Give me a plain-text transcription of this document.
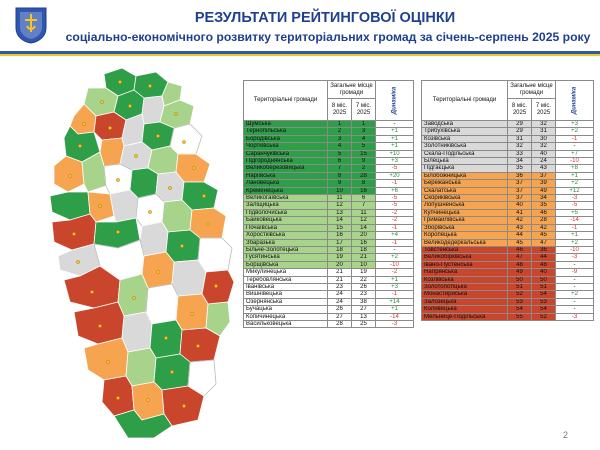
РЕЗУЛЬТАТИ РЕЙТИНГОВОЇ ОЦІНКИ
соціально-економічного розвитку територіальних громад за січень-серпень 2025 року
Територіальні громади	Загальне місце громади		Динаміка
	8 міс. 2025	7 міс. 2025	
Шумська	1	1	-
Тернопільська	2	3	+1
Бородівська	3	4	+1
Чортківська	4	5	+1
Саранчуківська	5	15	+10
Підгороднянська	6	9	+3
Великоберезовицька	7	2	-5
Наріївська	8	28	+20
Лановецька	9	8	-1
Кременецька	10	16	+6
Великогаївська	11	6	-5
Заліщицька	12	7	-5
Підволочиська	13	11	-2
Байковецька	14	12	-2
Почаївська	15	14	-1
Хоростківська	16	20	+4
Збаразька	17	16	-1
Більче-Золотецька	18	18	-
Гусятинська	19	21	+2
Борщівська	20	10	-10
Микулинецька	21	19	-2
Теребовлянська	21	22	+1
Іванівська	23	26	+3
Вишнівецька	24	23	-1
Озернянська	24	38	+14
Бучацька	26	27	+1
Копичинецька	27	13	-14
Васильковецька	28	25	-3
Територіальні громади	Загальне місце громади		Динаміка
	8 міс. 2025	7 міс. 2025	
Заводська	29	32	+3
Трибухівська	29	31	+2
Козівська	31	30	-1
Золотниківська	32	32	-
Скала-Подільська	33	40	+7
Білецька	34	24	-10
Підгаєцька	35	43	+8
Білобожницька	36	37	+1
Бережанська	37	39	+2
Скалатська	37	49	+12
Скориківська	37	34	-3
Лопушненська	40	35	-5
Купчинецька	41	46	+5
Гримайлівська	42	28	-14
Зборівська	43	42	-1
Коропецька	44	45	+1
Великодедеркальська	45	47	+2
Товстенська	46	36	-10
Великобірківська	47	44	-3
Івано-Пустенська	48	48	-
Нагірянська	49	40	-9
Козлівська	50	50	-
Золотопотіцька	51	51	-
Монастириська	52	54	+2
Залозецька	53	53	-
Коливецька	54	54	-
Мельнице-Подільська	55	52	-3
2
